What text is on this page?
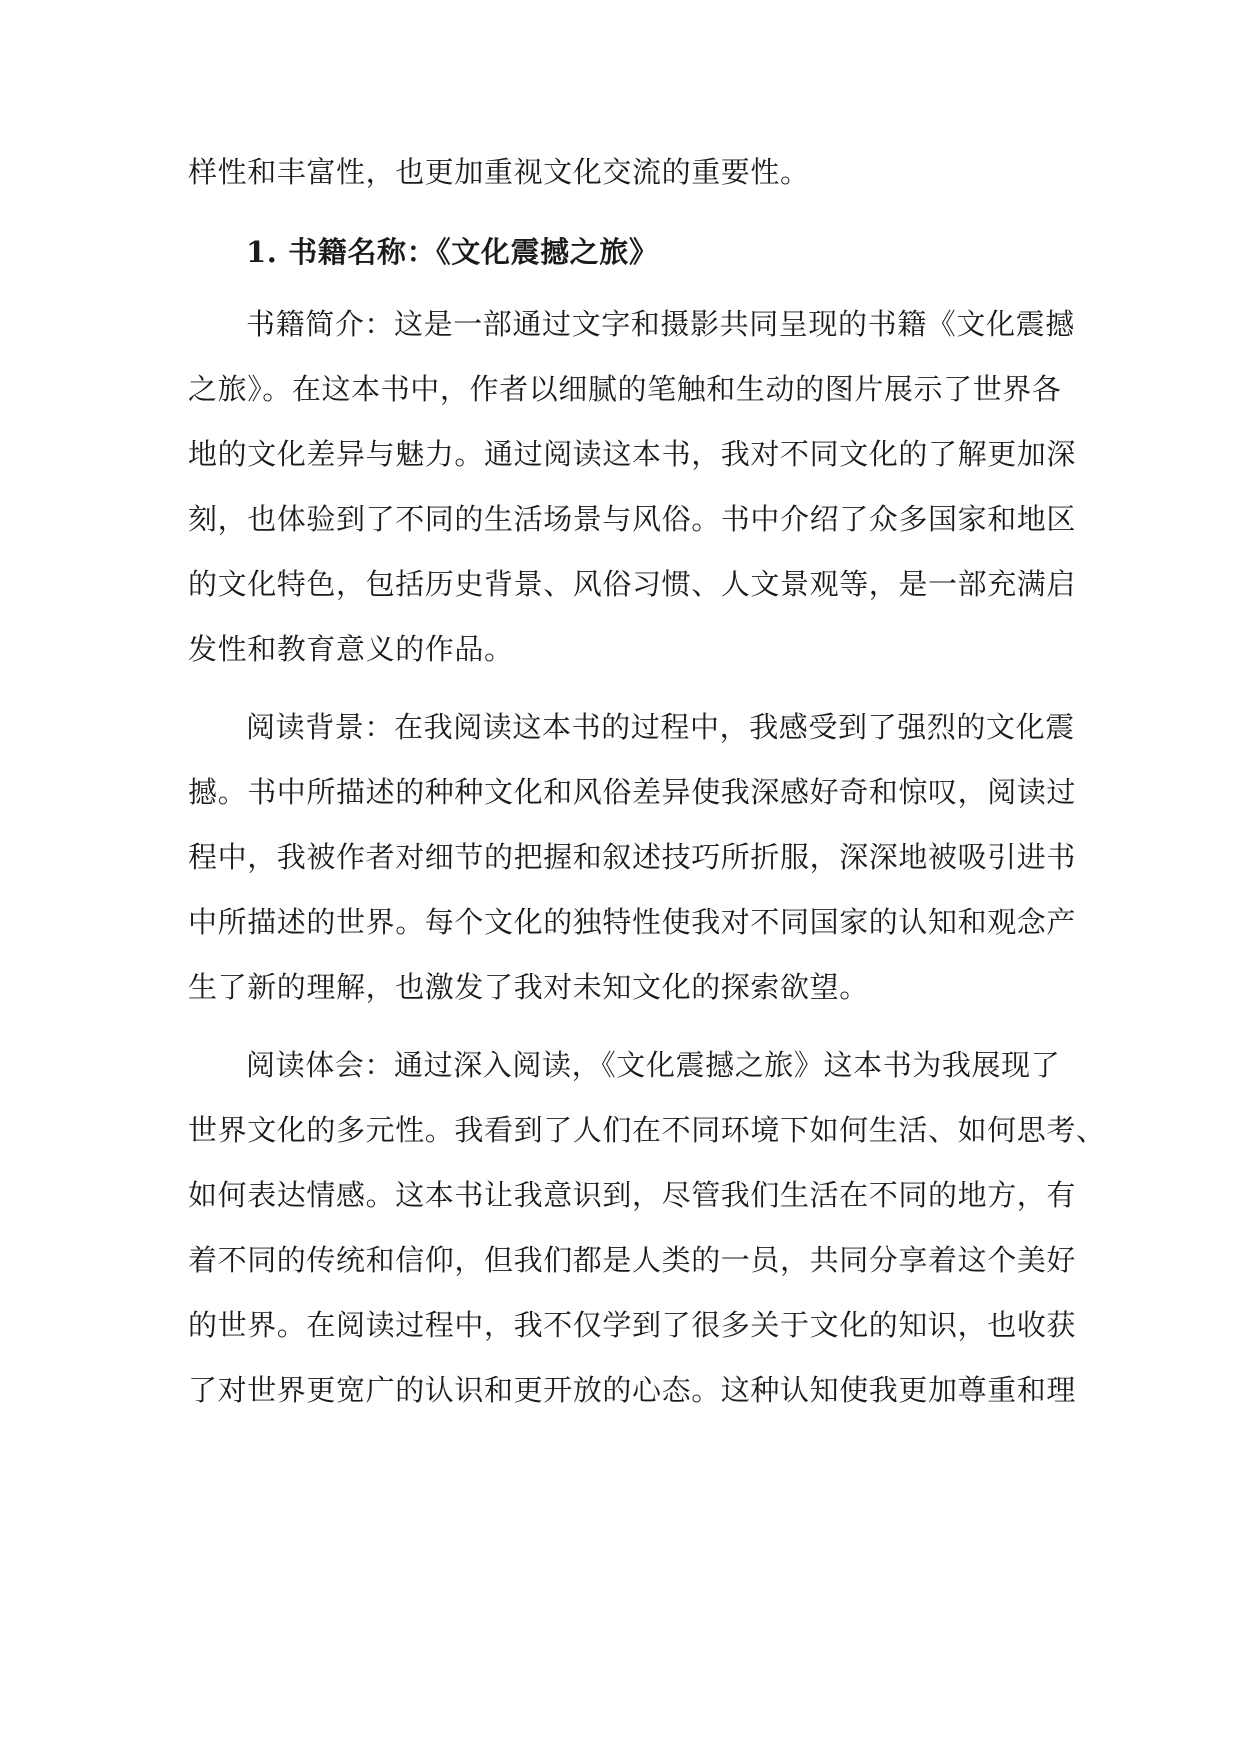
样性和丰富性，也更加重视文化交流的重要性。
1. 书籍名称：《文化震撼之旅》
书籍简介：这是一部通过文字和摄影共同呈现的书籍《文化震撼
之旅》。在这本书中，作者以细腻的笔触和生动的图片展示了世界各
地的文化差异与魅力。通过阅读这本书，我对不同文化的了解更加深
刻，也体验到了不同的生活场景与风俗。书中介绍了众多国家和地区
的文化特色，包括历史背景、风俗习惯、人文景观等，是一部充满启
发性和教育意义的作品。
阅读背景：在我阅读这本书的过程中，我感受到了强烈的文化震
撼。书中所描述的种种文化和风俗差异使我深感好奇和惊叹，阅读过
程中，我被作者对细节的把握和叙述技巧所折服，深深地被吸引进书
中所描述的世界。每个文化的独特性使我对不同国家的认知和观念产
生了新的理解，也激发了我对未知文化的探索欲望。
阅读体会：通过深入阅读，《文化震撼之旅》这本书为我展现了
世界文化的多元性。我看到了人们在不同环境下如何生活、如何思考、
如何表达情感。这本书让我意识到，尽管我们生活在不同的地方，有
着不同的传统和信仰，但我们都是人类的一员，共同分享着这个美好
的世界。在阅读过程中，我不仅学到了很多关于文化的知识，也收获
了对世界更宽广的认识和更开放的心态。这种认知使我更加尊重和理
